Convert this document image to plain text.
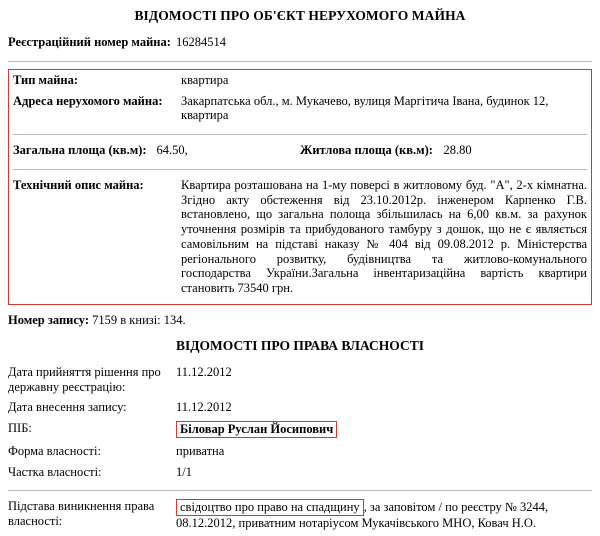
ВІДОМОСТІ ПРО ОБ'ЄКТ НЕРУХОМОГО МАЙНА
Реєстраційний номер майна:	16284514
Тип майна:	квартира
Адреса нерухомого майна:	Закарпатська обл., м. Мукачево, вулиця Маргітича Івана, будинок 12, квартира
Загальна площа (кв.м):	64.50,	Житлова площа (кв.м):	28.80
Технічний опис майна:	Квартира розташована на 1-му поверсі в житловому буд. "А", 2-х кімнатна. Згідно акту обстеження від 23.10.2012р. інженером Карпенко Г.В. встановлено, що загальна полоща збільшилась на 6,00 кв.м. за рахунок уточнення розмірів та прибудованого тамбуру з дошок, що не є являється самовільним на підставі наказу № 404 від 09.08.2012 р. Міністерства регіонального розвитку, будівництва та житлово-комунального господарства України.Загальна інвентаризаційна вартість квартири становить 73540 грн.
Номер запису: 7159 в книзі: 134.
ВІДОМОСТІ ПРО ПРАВА ВЛАСНОСТІ
Дата прийняття рішення про державну реєстрацію:	11.12.2012
Дата внесення запису:	11.12.2012
ПІБ:	Біловар Руслан Йосипович
Форма власності:	приватна
Частка власності:	1/1
Підстава виникнення права власності:	свідоцтво про право на спадщину , за заповітом / по реєстру № 3244, 08.12.2012, приватним нотаріусом Мукачівського МНО, Ковач Н.О.
